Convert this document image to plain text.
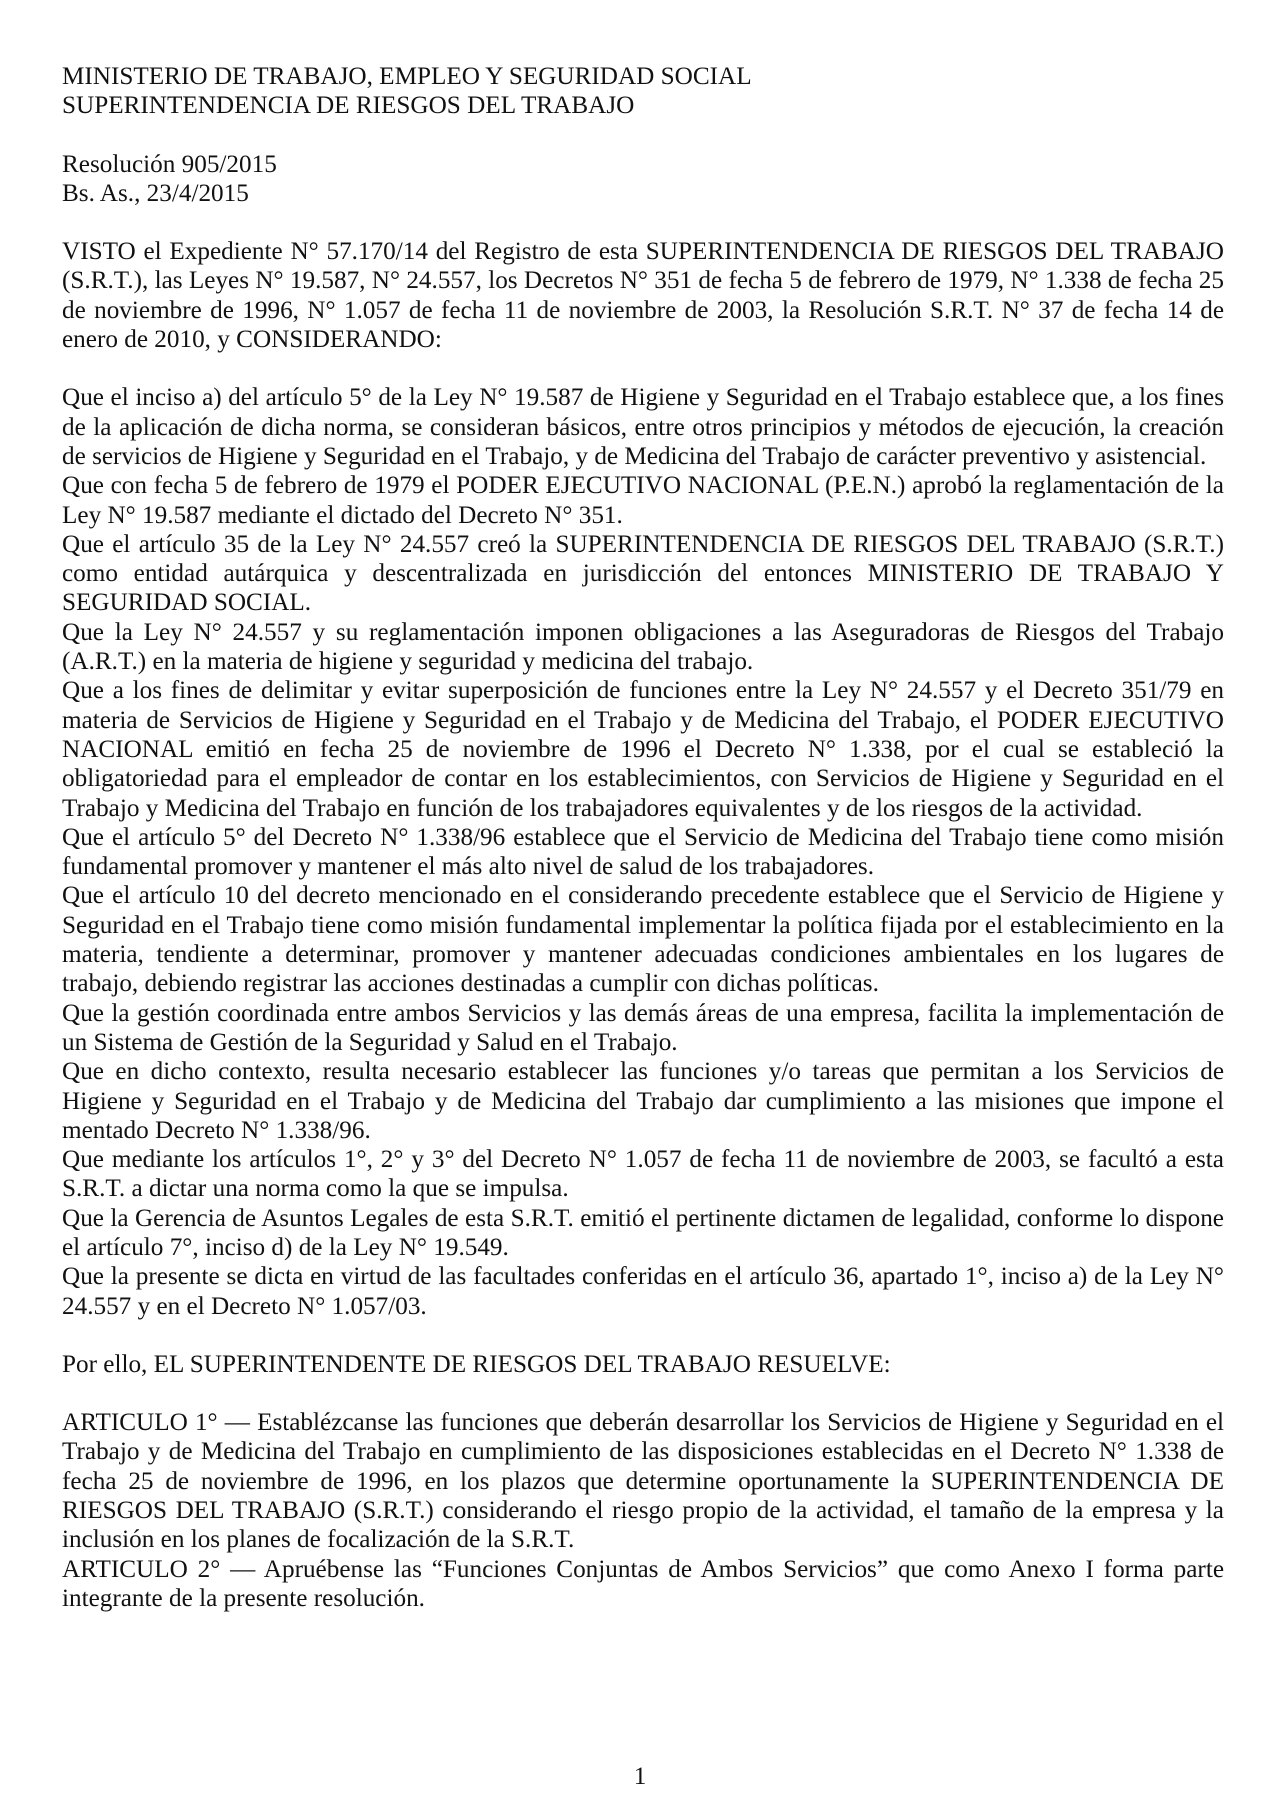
MINISTERIO DE TRABAJO, EMPLEO Y SEGURIDAD SOCIAL
SUPERINTENDENCIA DE RIESGOS DEL TRABAJO
Resolución 905/2015
Bs. As., 23/4/2015

VISTO el Expediente N° 57.170/14 del Registro de esta SUPERINTENDENCIA DE RIESGOS DEL TRABAJO (S.R.T.), las Leyes N° 19.587, N° 24.557, los Decretos N° 351 de fecha 5 de febrero de 1979, N° 1.338 de fecha 25 de noviembre de 1996, N° 1.057 de fecha 11 de noviembre de 2003, la Resolución S.R.T. N° 37 de fecha 14 de enero de 2010, y CONSIDERANDO:

Que el inciso a) del artículo 5° de la Ley N° 19.587 de Higiene y Seguridad en el Trabajo establece que, a los fines de la aplicación de dicha norma, se consideran básicos, entre otros principios y métodos de ejecución, la creación de servicios de Higiene y Seguridad en el Trabajo, y de Medicina del Trabajo de carácter preventivo y asistencial.

Que con fecha 5 de febrero de 1979 el PODER EJECUTIVO NACIONAL (P.E.N.) aprobó la reglamentación de la Ley N° 19.587 mediante el dictado del Decreto N° 351.

Que el artículo 35 de la Ley N° 24.557 creó la SUPERINTENDENCIA DE RIESGOS DEL TRABAJO (S.R.T.) como entidad autárquica y descentralizada en jurisdicción del entonces MINISTERIO DE TRABAJO Y SEGURIDAD SOCIAL.

Que la Ley N° 24.557 y su reglamentación imponen obligaciones a las Aseguradoras de Riesgos del Trabajo (A.R.T.) en la materia de higiene y seguridad y medicina del trabajo.

Que a los fines de delimitar y evitar superposición de funciones entre la Ley N° 24.557 y el Decreto 351/79 en materia de Servicios de Higiene y Seguridad en el Trabajo y de Medicina del Trabajo, el PODER EJECUTIVO NACIONAL emitió en fecha 25 de noviembre de 1996 el Decreto N° 1.338, por el cual se estableció la obligatoriedad para el empleador de contar en los establecimientos, con Servicios de Higiene y Seguridad en el Trabajo y Medicina del Trabajo en función de los trabajadores equivalentes y de los riesgos de la actividad.

Que el artículo 5° del Decreto N° 1.338/96 establece que el Servicio de Medicina del Trabajo tiene como misión fundamental promover y mantener el más alto nivel de salud de los trabajadores.

Que el artículo 10 del decreto mencionado en el considerando precedente establece que el Servicio de Higiene y Seguridad en el Trabajo tiene como misión fundamental implementar la política fijada por el establecimiento en la materia, tendiente a determinar, promover y mantener adecuadas condiciones ambientales en los lugares de trabajo, debiendo registrar las acciones destinadas a cumplir con dichas políticas.

Que la gestión coordinada entre ambos Servicios y las demás áreas de una empresa, facilita la implementación de un Sistema de Gestión de la Seguridad y Salud en el Trabajo.

Que en dicho contexto, resulta necesario establecer las funciones y/o tareas que permitan a los Servicios de Higiene y Seguridad en el Trabajo y de Medicina del Trabajo dar cumplimiento a las misiones que impone el mentado Decreto N° 1.338/96.

Que mediante los artículos 1°, 2° y 3° del Decreto N° 1.057 de fecha 11 de noviembre de 2003, se facultó a esta S.R.T. a dictar una norma como la que se impulsa.

Que la Gerencia de Asuntos Legales de esta S.R.T. emitió el pertinente dictamen de legalidad, conforme lo dispone el artículo 7°, inciso d) de la Ley N° 19.549.

Que la presente se dicta en virtud de las facultades conferidas en el artículo 36, apartado 1°, inciso a) de la Ley N° 24.557 y en el Decreto N° 1.057/03.

Por ello, EL SUPERINTENDENTE DE RIESGOS DEL TRABAJO RESUELVE:

ARTICULO 1° — Establézcanse las funciones que deberán desarrollar los Servicios de Higiene y Seguridad en el Trabajo y de Medicina del Trabajo en cumplimiento de las disposiciones establecidas en el Decreto N° 1.338 de fecha 25 de noviembre de 1996, en los plazos que determine oportunamente la SUPERINTENDENCIA DE RIESGOS DEL TRABAJO (S.R.T.) considerando el riesgo propio de la actividad, el tamaño de la empresa y la inclusión en los planes de focalización de la S.R.T.

ARTICULO 2° — Apruébense las “Funciones Conjuntas de Ambos Servicios” que como Anexo I forma parte integrante de la presente resolución.

1
